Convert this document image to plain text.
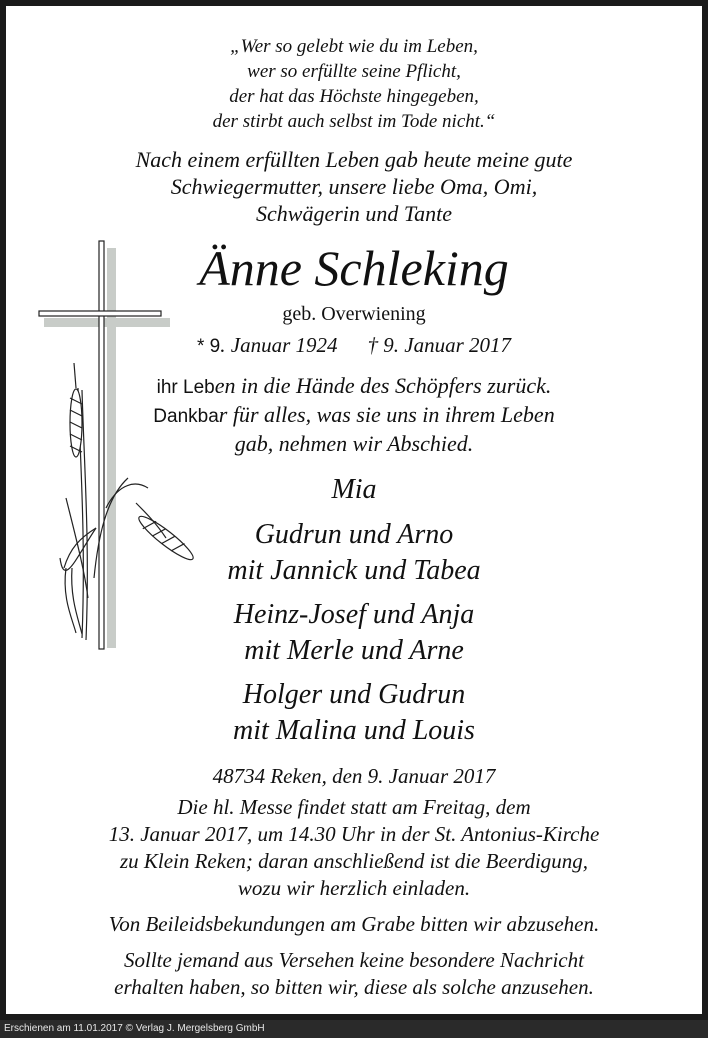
„Wer so gelebt wie du im Leben,
wer so erfüllte seine Pflicht,
der hat das Höchste hingegeben,
der stirbt auch selbst im Tode nicht.“
Nach einem erfüllten Leben gab heute meine gute
Schwiegermutter, unsere liebe Oma, Omi,
Schwägerin und Tante
Änne Schleking
geb. Overwiening
* 9. Januar 1924 † 9. Januar 2017
ihr Leben in die Hände des Schöpfers zurück.
Dankbar für alles, was sie uns in ihrem Leben
gab, nehmen wir Abschied.
Mia
Gudrun und Arno
mit Jannick und Tabea
Heinz-Josef und Anja
mit Merle und Arne
Holger und Gudrun
mit Malina und Louis
48734 Reken, den 9. Januar 2017
Die hl. Messe findet statt am Freitag, dem
13. Januar 2017, um 14.30 Uhr in der St. Antonius-Kirche
zu Klein Reken; daran anschließend ist die Beerdigung,
wozu wir herzlich einladen.
Von Beileidsbekundungen am Grabe bitten wir abzusehen.
Sollte jemand aus Versehen keine besondere Nachricht
erhalten haben, so bitten wir, diese als solche anzusehen.
Erschienen am 11.01.2017 © Verlag J. Mergelsberg GmbH
